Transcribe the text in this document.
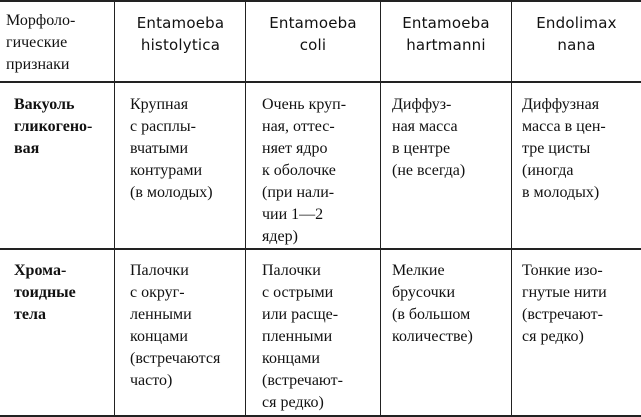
Морфоло-
гические
признаки
Entamoeba
histolytica
Entamoeba
coli
Entamoeba
hartmanni
Endolimax
nana
Вакуоль
гликогено-
вая
Крупная
с расплы-
вчатыми
контурами
(в молодых)
Очень круп-
ная, оттес-
няет ядро
к оболочке
(при нали-
чии 1—2
ядер)
Диффуз-
ная масса
в центре
(не всегда)
Диффузная
масса в цен-
тре цисты
(иногда
в молодых)
Хрома-
тоидные
тела
Палочки
с округ-
ленными
концами
(встречаются
часто)
Палочки
с острыми
или расще-
пленными
концами
(встречают-
ся редко)
Мелкие
брусочки
(в большом
количестве)
Тонкие изо-
гнутые нити
(встречают-
ся редко)
